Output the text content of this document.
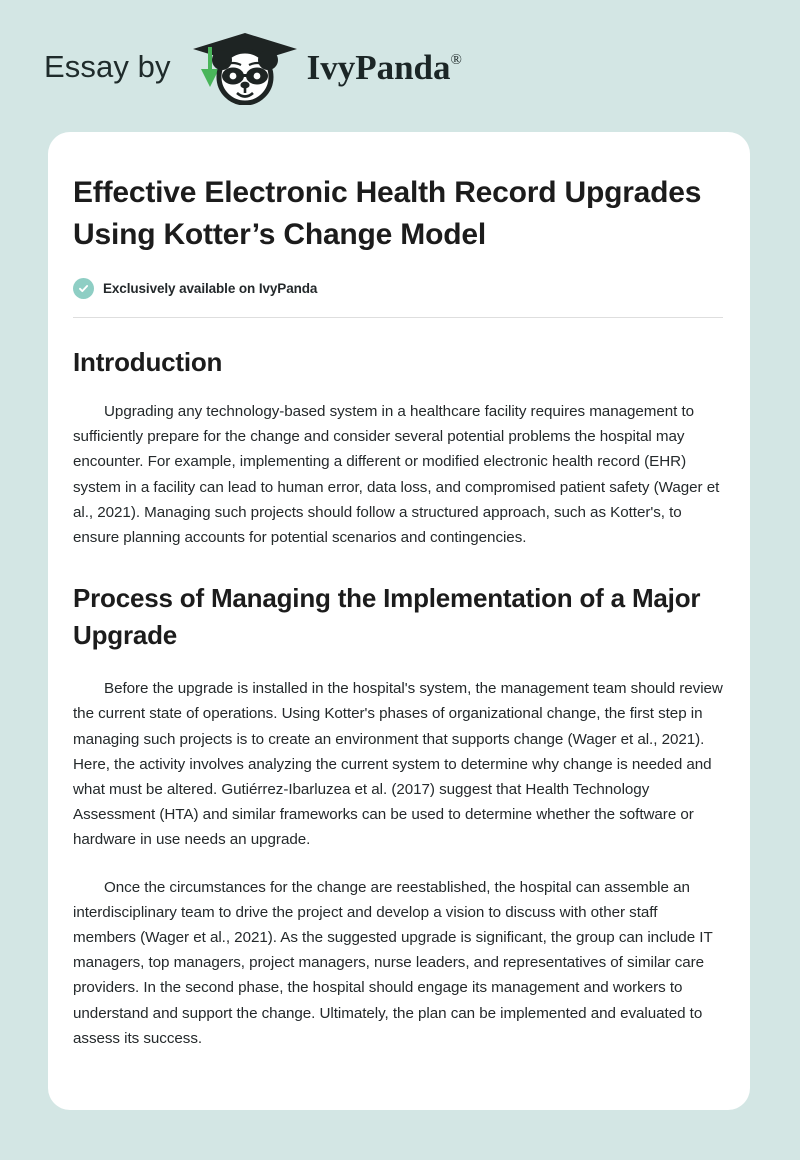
Essay by	IvyPanda®
Effective Electronic Health Record Upgrades Using Kotter’s Change Model
Exclusively available on IvyPanda
Introduction

Upgrading any technology-based system in a healthcare facility requires management to sufficiently prepare for the change and consider several potential problems the hospital may encounter. For example, implementing a different or modified electronic health record (EHR) system in a facility can lead to human error, data loss, and compromised patient safety (Wager et al., 2021). Managing such projects should follow a structured approach, such as Kotter's, to ensure planning accounts for potential scenarios and contingencies.

Process of Managing the Implementation of a Major Upgrade

Before the upgrade is installed in the hospital's system, the management team should review the current state of operations. Using Kotter's phases of organizational change, the first step in managing such projects is to create an environment that supports change (Wager et al., 2021). Here, the activity involves analyzing the current system to determine why change is needed and what must be altered. Gutiérrez-Ibarluzea et al. (2017) suggest that Health Technology Assessment (HTA) and similar frameworks can be used to determine whether the software or hardware in use needs an upgrade.

Once the circumstances for the change are reestablished, the hospital can assemble an interdisciplinary team to drive the project and develop a vision to discuss with other staff members (Wager et al., 2021). As the suggested upgrade is significant, the group can include IT managers, top managers, project managers, nurse leaders, and representatives of similar care providers. In the second phase, the hospital should engage its management and workers to understand and support the change. Ultimately, the plan can be implemented and evaluated to assess its success.
